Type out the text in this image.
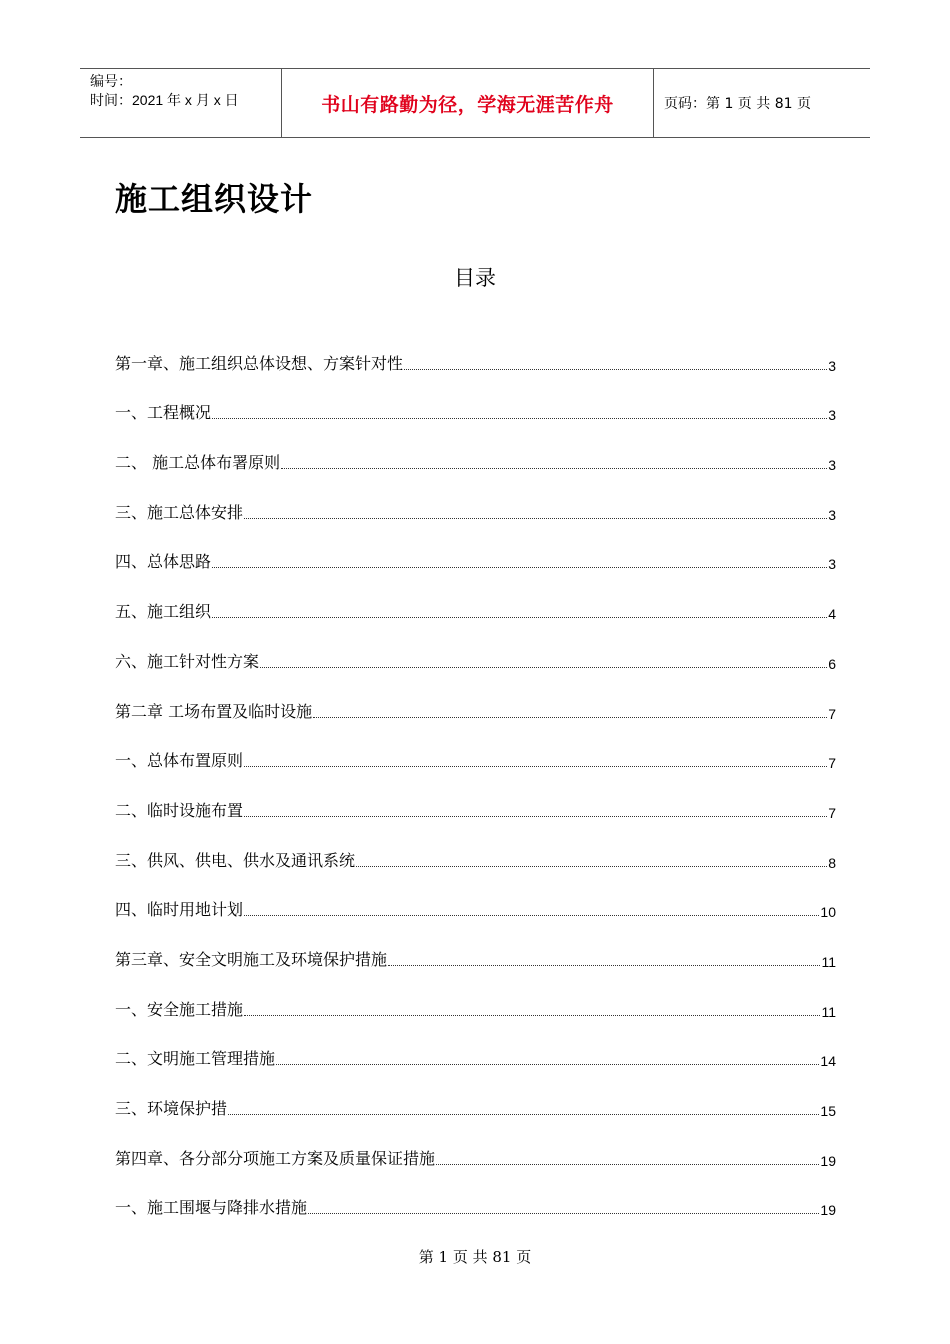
编号：
时间：2021 年 x 月 x 日	书山有路勤为径，学海无涯苦作舟	页码：第 1 页 共 81 页
施工组织设计
目录
第一章、施工组织总体设想、方案针对性	3
一、工程概况	3
二、 施工总体布署原则	3
三、施工总体安排	3
四、总体思路	3
五、施工组织	4
六、施工针对性方案	6
第二章 工场布置及临时设施	7
一、总体布置原则	7
二、临时设施布置	7
三、供风、供电、供水及通讯系统	8
四、临时用地计划	10
第三章、安全文明施工及环境保护措施	11
一、安全施工措施	11
二、文明施工管理措施	14
三、环境保护措	15
第四章、各分部分项施工方案及质量保证措施	19
一、施工围堰与降排水措施	19
第 1 页 共 81 页
